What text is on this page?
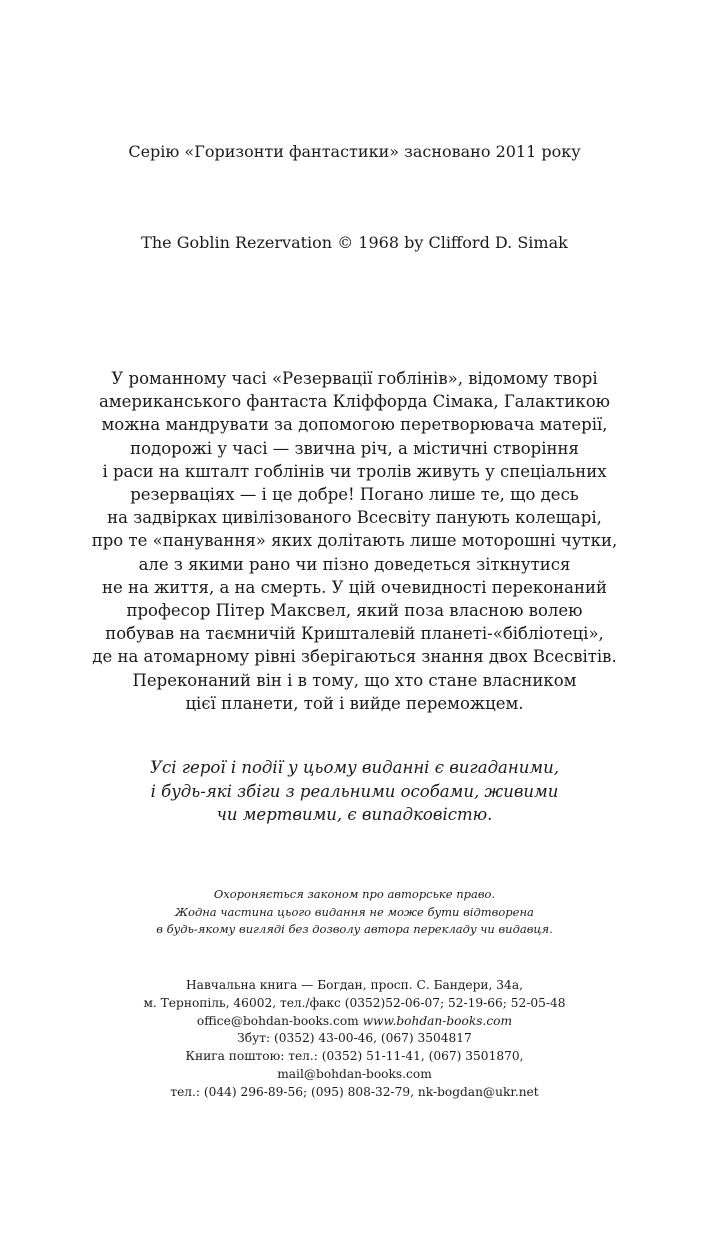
Серію «Горизонти фантастики» засновано 2011 року
The Goblin Rezervation © 1968 by Clifford D. Simak
У романному часі «Резервації гоблінів», відомому творі
американського фантаста Кліффорда Сімака, Галактикою
можна мандрувати за допомогою перетворювача матерії,
подорожі у часі — звична річ, а містичні створіння
і раси на кшталт гоблінів чи тролів живуть у спеціальних
резерваціях — і це добре! Погано лише те, що десь
на задвірках цивілізованого Всесвіту панують колещарі,
про те «панування» яких долітають лише моторошні чутки,
але з якими рано чи пізно доведеться зіткнутися
не на життя, а на смерть. У цій очевидності переконаний
професор Пітер Максвел, який поза власною волею
побував на таємничій Кришталевій планеті-«бібліотеці»,
де на атомарному рівні зберігаються знання двох Всесвітів.
Переконаний він і в тому, що хто стане власником
цієї планети, той і вийде переможцем.
Усі герої і події у цьому виданні є вигаданими,
і будь-які збіги з реальними особами, живими
чи мертвими, є випадковістю.
Охороняється законом про авторське право.
Жодна частина цього видання не може бути відтворена
в будь-якому вигляді без дозволу автора перекладу чи видавця.
Навчальна книга — Богдан, просп. С. Бандери, 34а,
м. Тернопіль, 46002, тел./факс (0352)52-06-07; 52-19-66; 52-05-48
office@bohdan-books.com www.bohdan-books.com
Збут: (0352) 43-00-46, (067) 3504817
Книга поштою: тел.: (0352) 51-11-41, (067) 3501870,
mail@bohdan-books.com
тел.: (044) 296-89-56; (095) 808-32-79, nk-bogdan@ukr.net
